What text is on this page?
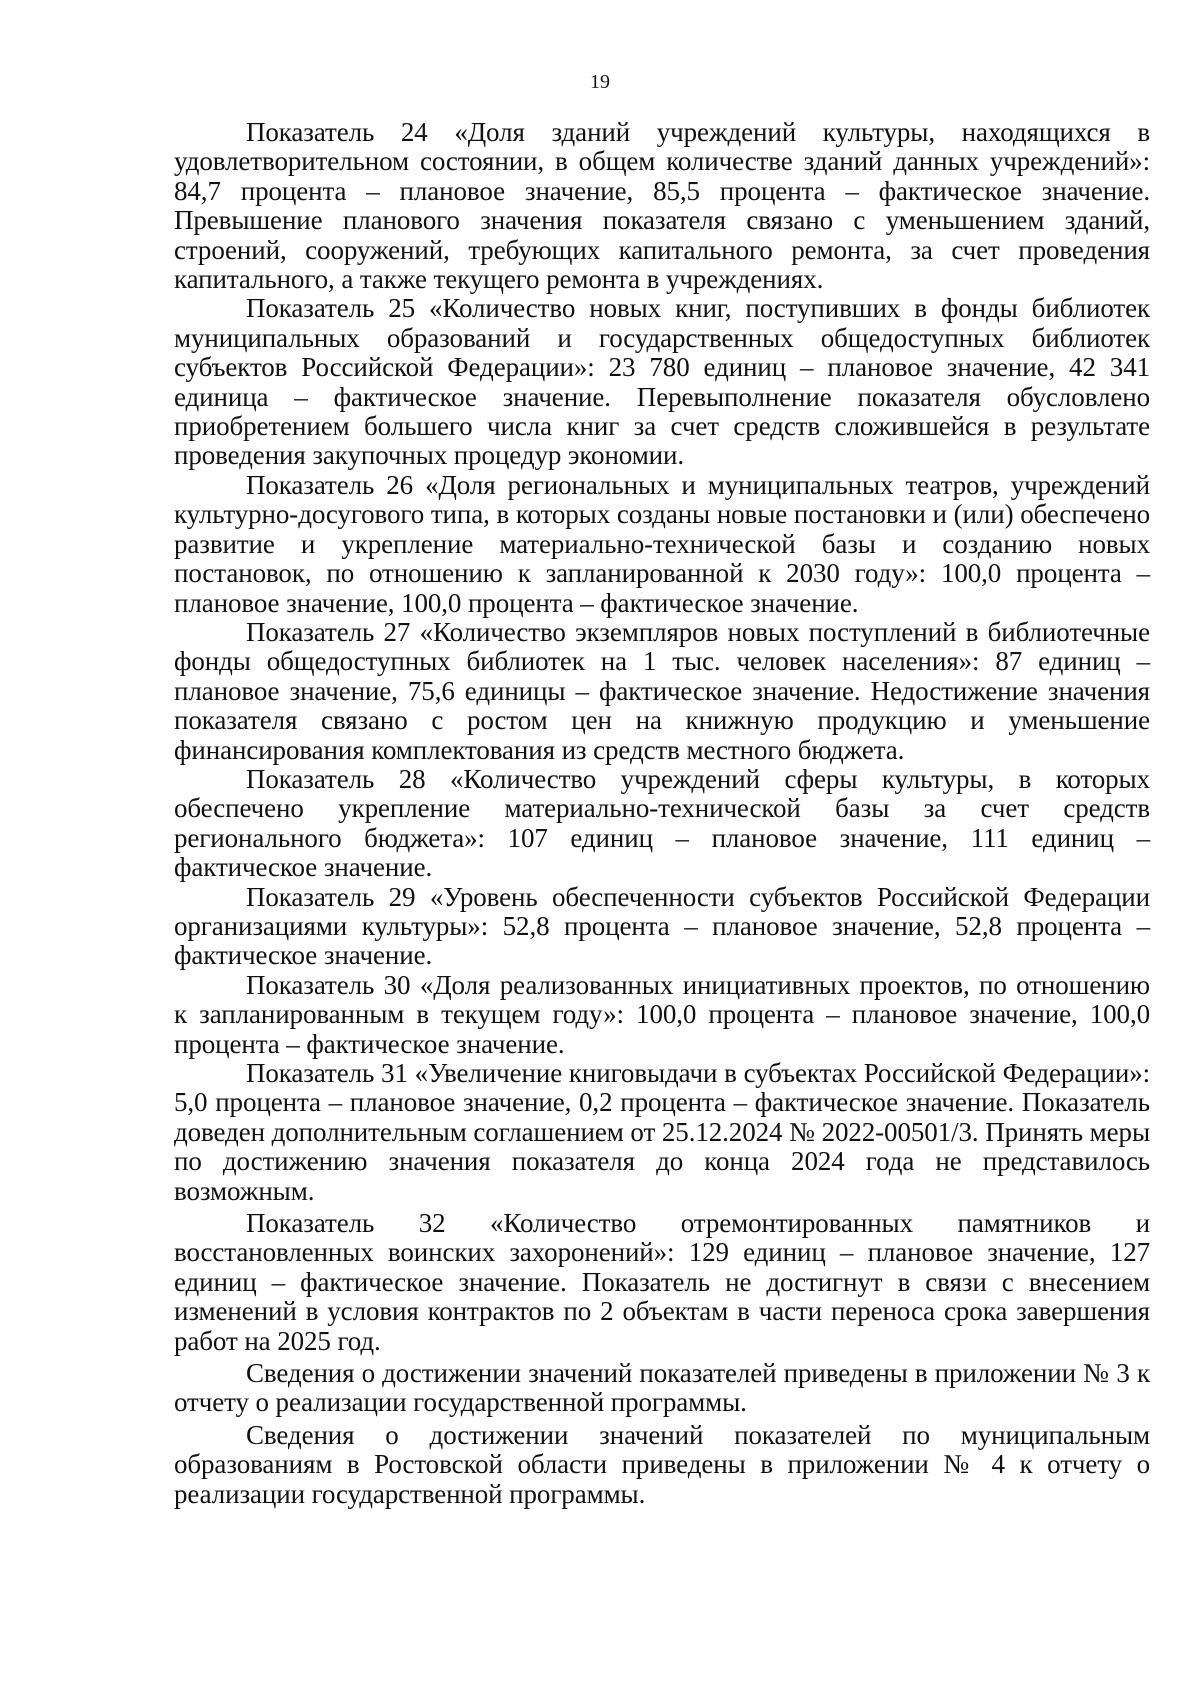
19

Показатель 24 «Доля зданий учреждений культуры, находящихся в удовлетворительном состоянии, в общем количестве зданий данных учреждений»: 84,7 процента – плановое значение, 85,5 процента – фактическое значение. Превышение планового значения показателя связано с уменьшением зданий, строений, сооружений, требующих капитального ремонта, за счет проведения капитального, а также текущего ремонта в учреждениях.

Показатель 25 «Количество новых книг, поступивших в фонды библиотек муниципальных образований и государственных общедоступных библиотек субъектов Российской Федерации»: 23 780 единиц – плановое значение, 42 341 единица – фактическое значение. Перевыполнение показателя обусловлено приобретением большего числа книг за счет средств сложившейся в результате проведения закупочных процедур экономии.

Показатель 26 «Доля региональных и муниципальных театров, учреждений культурно-досугового типа, в которых созданы новые постановки и (или) обеспечено развитие и укрепление материально-технической базы и созданию новых постановок, по отношению к запланированной к 2030 году»: 100,0 процента – плановое значение, 100,0 процента – фактическое значение.

Показатель 27 «Количество экземпляров новых поступлений в библиотечные фонды общедоступных библиотек на 1 тыс. человек населения»: 87 единиц – плановое значение, 75,6 единицы – фактическое значение. Недостижение значения показателя связано с ростом цен на книжную продукцию и уменьшение финансирования комплектования из средств местного бюджета.

Показатель 28 «Количество учреждений сферы культуры, в которых обеспечено укрепление материально-технической базы за счет средств регионального бюджета»: 107 единиц – плановое значение, 111 единиц – фактическое значение.

Показатель 29 «Уровень обеспеченности субъектов Российской Федерации организациями культуры»: 52,8 процента – плановое значение, 52,8 процента – фактическое значение.

Показатель 30 «Доля реализованных инициативных проектов, по отношению к запланированным в текущем году»: 100,0 процента – плановое значение, 100,0 процента – фактическое значение.

Показатель 31 «Увеличение книговыдачи в субъектах Российской Федерации»: 5,0 процента – плановое значение, 0,2 процента – фактическое значение. Показатель доведен дополнительным соглашением от 25.12.2024 № 2022-00501/3. Принять меры по достижению значения показателя до конца 2024 года не представилось возможным.

Показатель 32 «Количество отремонтированных памятников и восстановленных воинских захоронений»: 129 единиц – плановое значение, 127 единиц – фактическое значение. Показатель не достигнут в связи с внесением изменений в условия контрактов по 2 объектам в части переноса срока завершения работ на 2025 год.

Сведения о достижении значений показателей приведены в приложении № 3 к отчету о реализации государственной программы.

Сведения о достижении значений показателей по муниципальным образованиям в Ростовской области приведены в приложении № 4 к отчету о реализации государственной программы.
